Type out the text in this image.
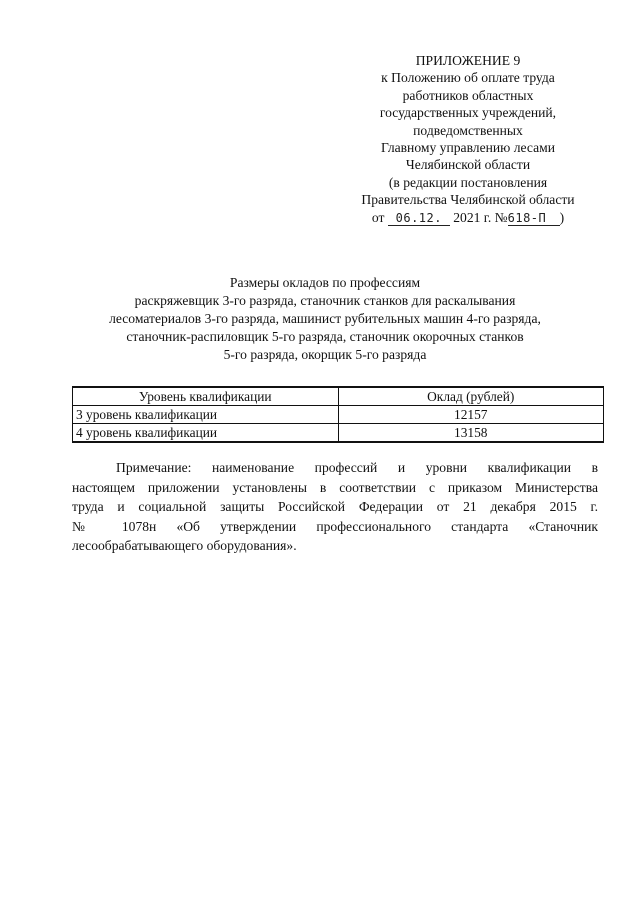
ПРИЛОЖЕНИЕ 9
к Положению об оплате труда
работников областных
государственных учреждений,
подведомственных
Главному управлению лесами
Челябинской области
(в редакции постановления
Правительства Челябинской области
от 06.12. 2021 г. №618-П )
Размеры окладов по профессиям
раскряжевщик 3-го разряда, станочник станков для раскалывания
лесоматериалов 3-го разряда, машинист рубительных машин 4-го разряда,
станочник-распиловщик 5-го разряда, станочник окорочных станков
5-го разряда, окорщик 5-го разряда
Уровень квалификации	Оклад (рублей)
3 уровень квалификации	12157
4 уровень квалификации	13158
Примечание: наименование профессий и уровни квалификации в
настоящем приложении установлены в соответствии с приказом Министерства
труда и социальной защиты Российской Федерации от 21 декабря 2015 г.
№ 1078н «Об утверждении профессионального стандарта «Станочник
лесообрабатывающего оборудования».
